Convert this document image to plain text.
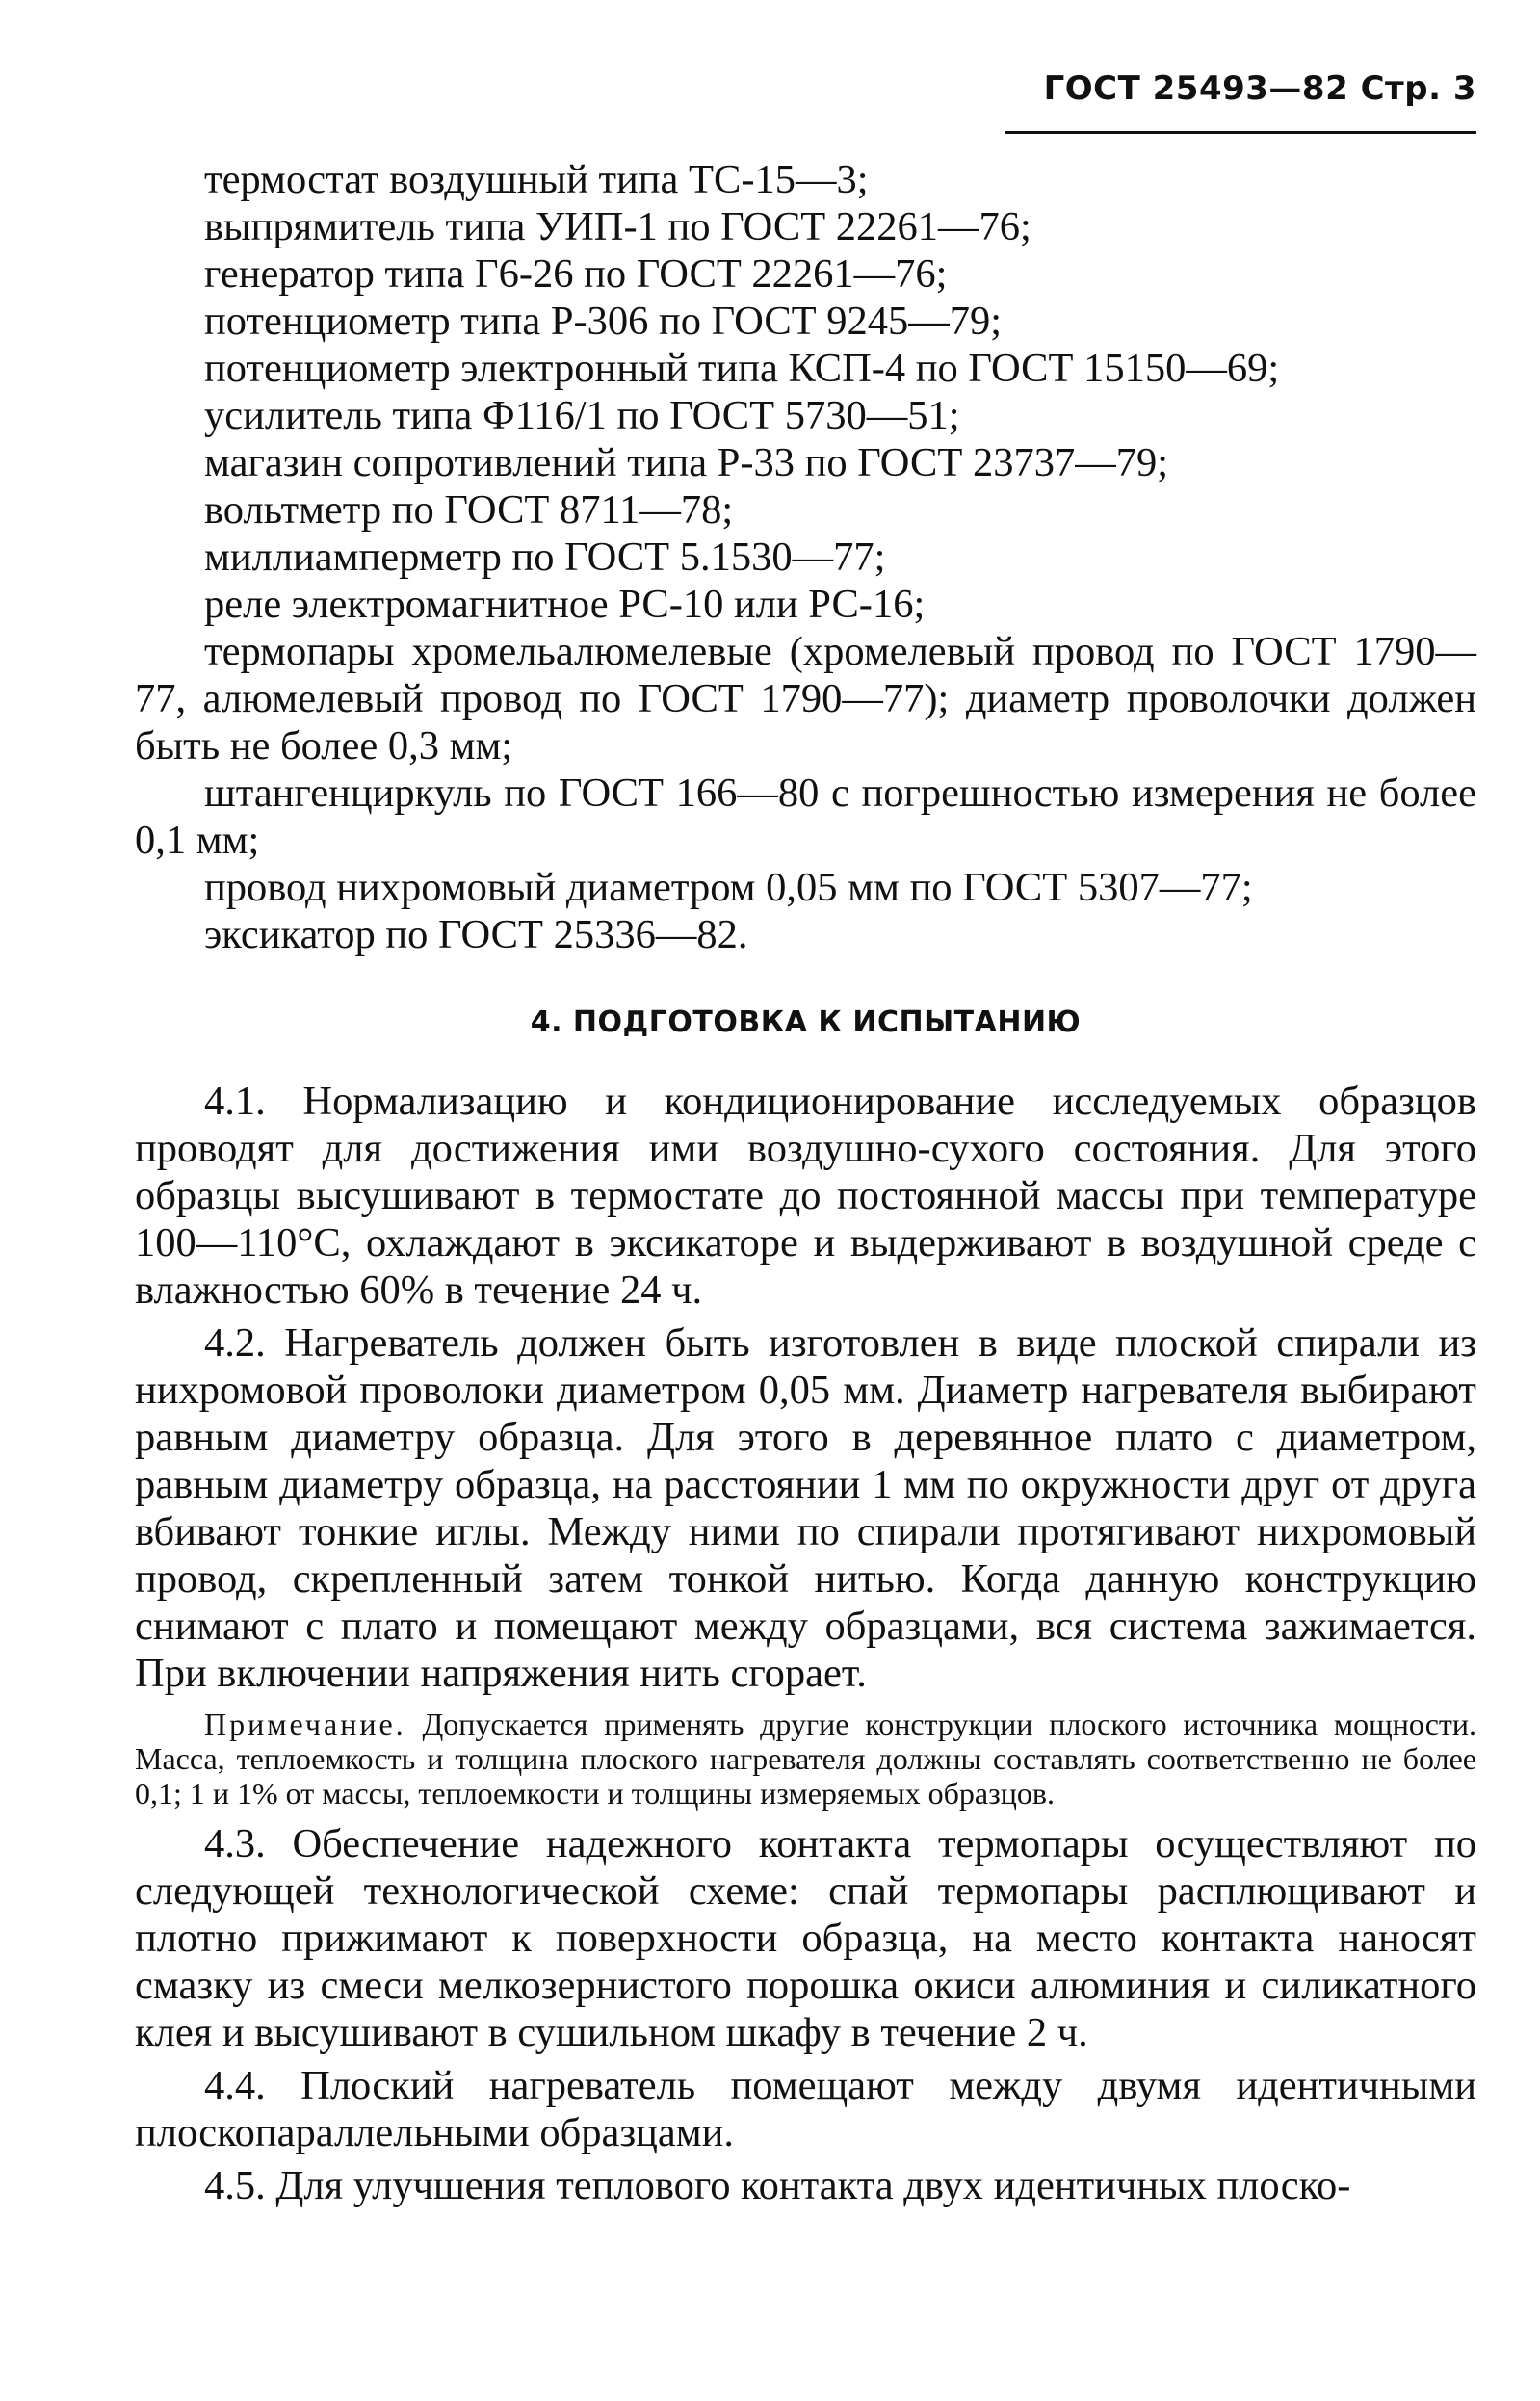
ГОСТ 25493—82 Стр. 3
термостат воздушный типа ТС-15—3;
выпрямитель типа УИП-1 по ГОСТ 22261—76;
генератор типа Г6-26 по ГОСТ 22261—76;
потенциометр типа Р-306 по ГОСТ 9245—79;
потенциометр электронный типа КСП-4 по ГОСТ 15150—69;
усилитель типа Ф116/1 по ГОСТ 5730—51;
магазин сопротивлений типа Р-33 по ГОСТ 23737—79;
вольтметр по ГОСТ 8711—78;
миллиамперметр по ГОСТ 5.1530—77;
реле электромагнитное РС-10 или РС-16;

термопары хромельалюмелевые (хромелевый провод по ГОСТ 1790—77, алюмелевый провод по ГОСТ 1790—77); диаметр проволочки должен быть не более 0,3 мм;

штангенциркуль по ГОСТ 166—80 с погрешностью измерения не более 0,1 мм;

провод нихромовый диаметром 0,05 мм по ГОСТ 5307—77;
эксикатор по ГОСТ 25336—82.
4. ПОДГОТОВКА К ИСПЫТАНИЮ

4.1. Нормализацию и кондиционирование исследуемых образцов проводят для достижения ими воздушно-сухого состояния. Для этого образцы высушивают в термостате до постоянной массы при температуре 100—110°С, охлаждают в эксикаторе и выдерживают в воздушной среде с влажностью 60% в течение 24 ч.

4.2. Нагреватель должен быть изготовлен в виде плоской спирали из нихромовой проволоки диаметром 0,05 мм. Диаметр нагревателя выбирают равным диаметру образца. Для этого в деревянное плато с диаметром, равным диаметру образца, на расстоянии 1 мм по окружности друг от друга вбивают тонкие иглы. Между ними по спирали протягивают нихромовый провод, скрепленный затем тонкой нитью. Когда данную конструкцию снимают с плато и помещают между образцами, вся система зажимается. При включении напряжения нить сгорает.

Примечание. Допускается применять другие конструкции плоского источника мощности. Масса, теплоемкость и толщина плоского нагревателя должны составлять соответственно не более 0,1; 1 и 1% от массы, теплоемкости и толщины измеряемых образцов.

4.3. Обеспечение надежного контакта термопары осуществляют по следующей технологической схеме: спай термопары расплющивают и плотно прижимают к поверхности образца, на место контакта наносят смазку из смеси мелкозернистого порошка окиси алюминия и силикатного клея и высушивают в сушильном шкафу в течение 2 ч.

4.4. Плоский нагреватель помещают между двумя идентичными плоскопараллельными образцами.

4.5. Для улучшения теплового контакта двух идентичных плоско-
